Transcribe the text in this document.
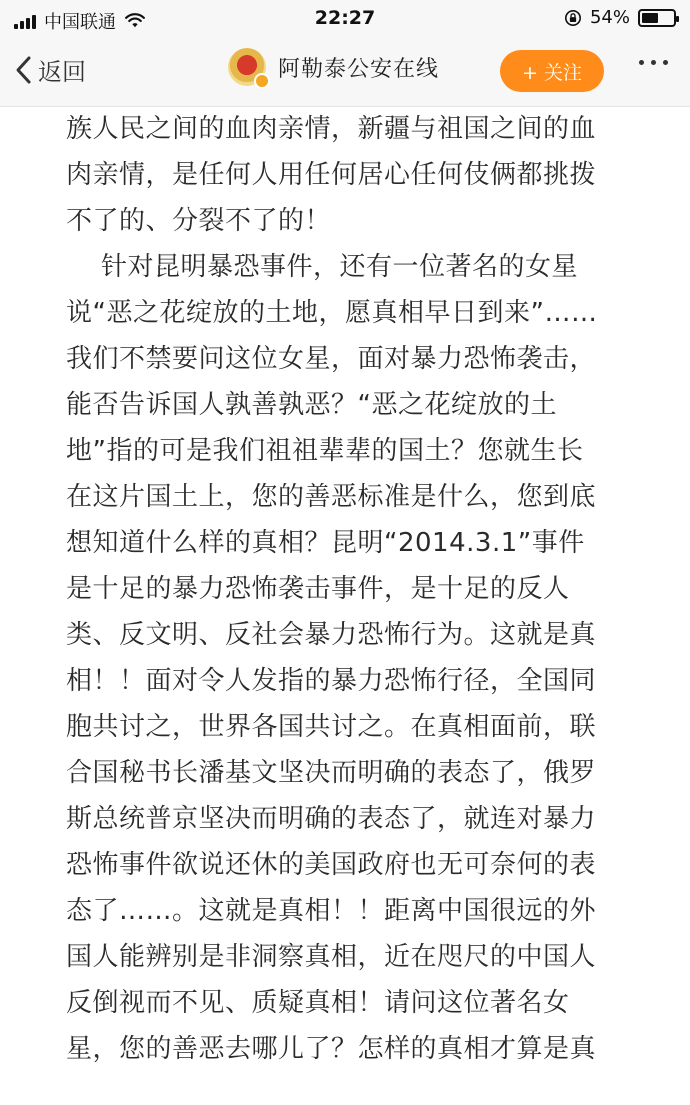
中国联通	22:27	54%
返回	阿勒泰公安在线	+ 关注

族人民之间的血肉亲情，新疆与祖国之间的血

肉亲情，是任何人用任何居心任何伎俩都挑拨

不了的、分裂不了的！

针对昆明暴恐事件，还有一位著名的女星

说“恶之花绽放的土地，愿真相早日到来”……

我们不禁要问这位女星，面对暴力恐怖袭击，

能否告诉国人孰善孰恶？“恶之花绽放的土

地”指的可是我们祖祖辈辈的国土？您就生长

在这片国土上，您的善恶标准是什么，您到底

想知道什么样的真相？昆明“2014.3.1”事件

是十足的暴力恐怖袭击事件，是十足的反人

类、反文明、反社会暴力恐怖行为。这就是真

相！！面对令人发指的暴力恐怖行径，全国同

胞共讨之，世界各国共讨之。在真相面前，联

合国秘书长潘基文坚决而明确的表态了，俄罗

斯总统普京坚决而明确的表态了，就连对暴力

恐怖事件欲说还休的美国政府也无可奈何的表

态了……。这就是真相！！距离中国很远的外

国人能辨别是非洞察真相，近在咫尺的中国人

反倒视而不见、质疑真相！请问这位著名女

星，您的善恶去哪儿了？怎样的真相才算是真
